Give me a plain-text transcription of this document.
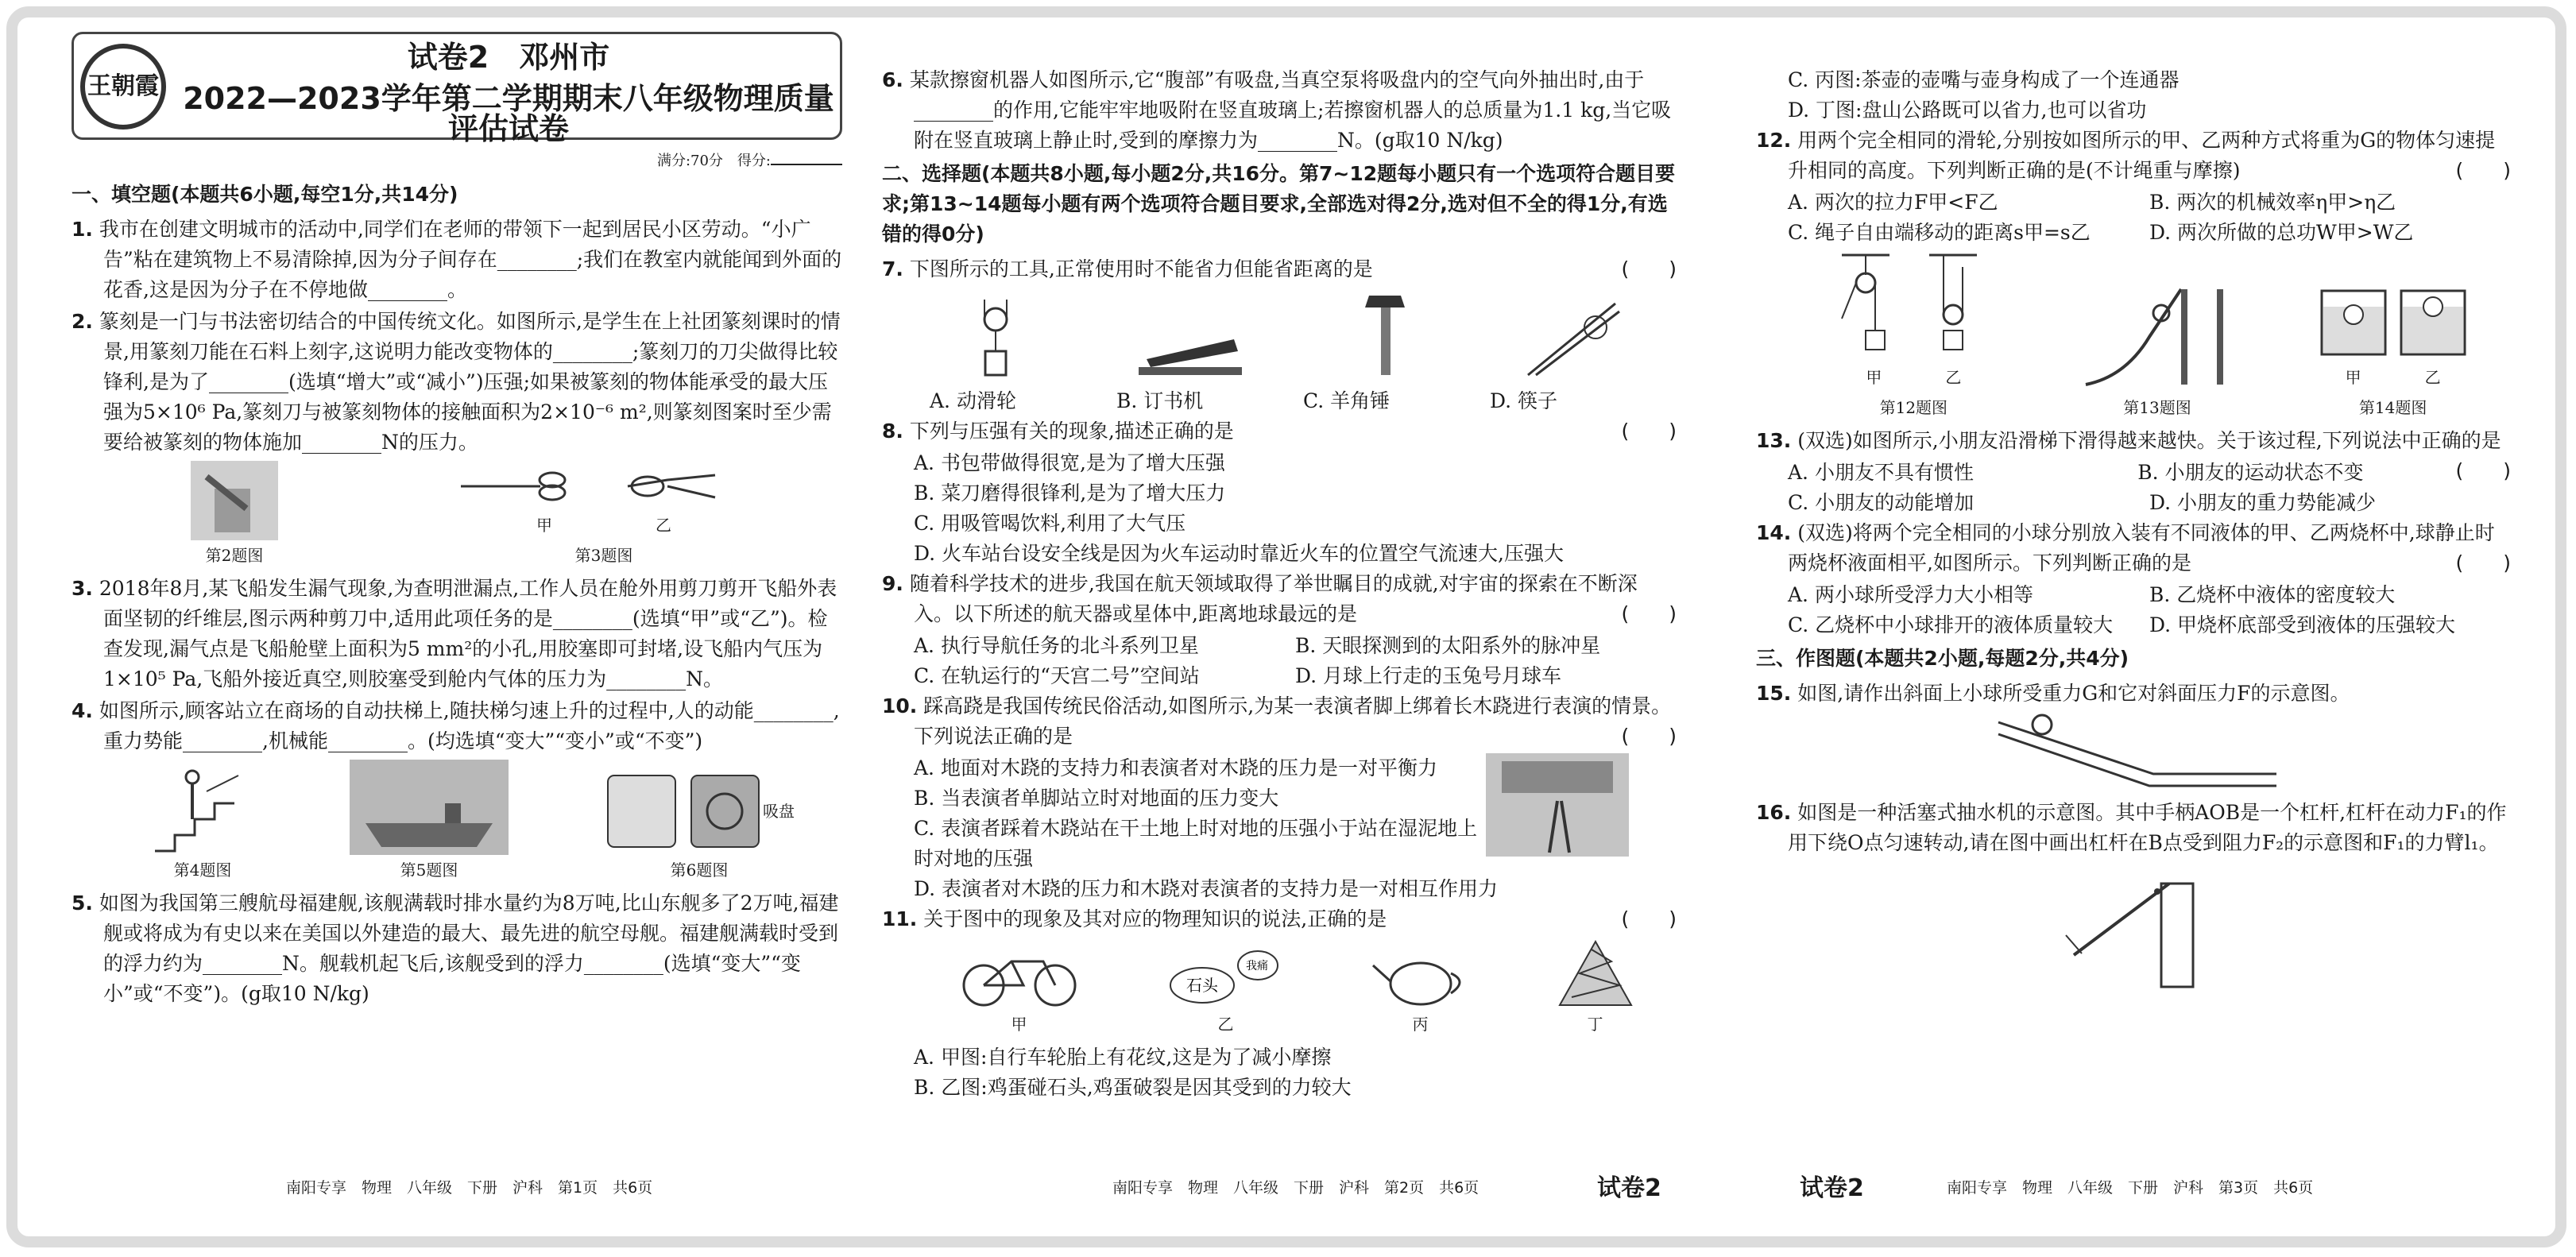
王朝霞
试卷2　邓州市
2022—2023学年第二学期期末八年级物理质量评估试卷
满分:70分　得分:
一、填空题(本题共6小题,每空1分,共14分)

1. 我市在创建文明城市的活动中,同学们在老师的带领下一起到居民小区劳动。“小广告”粘在建筑物上不易清除掉,因为分子间存在________;我们在教室内就能闻到外面的花香,这是因为分子在不停地做________。

2. 篆刻是一门与书法密切结合的中国传统文化。如图所示,是学生在上社团篆刻课时的情景,用篆刻刀能在石料上刻字,这说明力能改变物体的________;篆刻刀的刀尖做得比较锋利,是为了________(选填“增大”或“减小”)压强;如果被篆刻的物体能承受的最大压强为5×10⁶ Pa,篆刻刀与被篆刻物体的接触面积为2×10⁻⁶ m²,则篆刻图案时至少需要给被篆刻的物体施加________N的压力。

第2题图
甲	乙
第3题图

3. 2018年8月,某飞船发生漏气现象,为查明泄漏点,工作人员在舱外用剪刀剪开飞船外表面坚韧的纤维层,图示两种剪刀中,适用此项任务的是________(选填“甲”或“乙”)。检查发现,漏气点是飞船舱壁上面积为5 mm²的小孔,用胶塞即可封堵,设飞船内气压为1×10⁵ Pa,飞船外接近真空,则胶塞受到舱内气体的压力为________N。

4. 如图所示,顾客站立在商场的自动扶梯上,随扶梯匀速上升的过程中,人的动能________,重力势能________,机械能________。(均选填“变大”“变小”或“不变”)

第4题图	第5题图
吸盘
第6题图

5. 如图为我国第三艘航母福建舰,该舰满载时排水量约为8万吨,比山东舰多了2万吨,福建舰或将成为有史以来在美国以外建造的最大、最先进的航空母舰。福建舰满载时受到的浮力约为________N。舰载机起飞后,该舰受到的浮力________(选填“变大”“变小”或“不变”)。(g取10 N/kg)

南阳专享　物理　八年级　下册　沪科　第1页　共6页

6. 某款擦窗机器人如图所示,它“腹部”有吸盘,当真空泵将吸盘内的空气向外抽出时,由于________的作用,它能牢牢地吸附在竖直玻璃上;若擦窗机器人的总质量为1.1 kg,当它吸附在竖直玻璃上静止时,受到的摩擦力为________N。(g取10 N/kg)

二、选择题(本题共8小题,每小题2分,共16分。第7~12题每小题只有一个选项符合题目要求;第13~14题每小题有两个选项符合题目要求,全部选对得2分,选对但不全的得1分,有选错的得0分)

7. 下图所示的工具,正常使用时不能省力但能省距离的是	(　　)

A. 动滑轮	B. 订书机	C. 羊角锤	D. 筷子

8. 下列与压强有关的现象,描述正确的是	(　　)

A. 书包带做得很宽,是为了增大压强
B. 菜刀磨得很锋利,是为了增大压力
C. 用吸管喝饮料,利用了大气压
D. 火车站台设安全线是因为火车运动时靠近火车的位置空气流速大,压强大

9. 随着科学技术的进步,我国在航天领域取得了举世瞩目的成就,对宇宙的探索在不断深入。以下所述的航天器或星体中,距离地球最远的是	(　　)

A. 执行导航任务的北斗系列卫星	B. 天眼探测到的太阳系外的脉冲星
C. 在轨运行的“天宫二号”空间站	D. 月球上行走的玉兔号月球车

10. 踩高跷是我国传统民俗活动,如图所示,为某一表演者脚上绑着长木跷进行表演的情景。下列说法正确的是	(　　)

A. 地面对木跷的支持力和表演者对木跷的压力是一对平衡力
B. 当表演者单脚站立时对地面的压力变大
C. 表演者踩着木跷站在干土地上时对地的压强小于站在湿泥地上时对地的压强
D. 表演者对木跷的压力和木跷对表演者的支持力是一对相互作用力

11. 关于图中的现象及其对应的物理知识的说法,正确的是	(　　)

甲
石头
我痛
乙	丙	丁
A. 甲图:自行车轮胎上有花纹,这是为了减小摩擦
B. 乙图:鸡蛋碰石头,鸡蛋破裂是因其受到的力较大
南阳专享　物理　八年级　下册　沪科　第2页　共6页	试卷2
C. 丙图:茶壶的壶嘴与壶身构成了一个连通器
D. 丁图:盘山公路既可以省力,也可以省功

12. 用两个完全相同的滑轮,分别按如图所示的甲、乙两种方式将重为G的物体匀速提升相同的高度。下列判断正确的是(不计绳重与摩擦)	(　　)

A. 两次的拉力F甲<F乙	B. 两次的机械效率η甲>η乙
C. 绳子自由端移动的距离s甲=s乙	D. 两次所做的总功W甲>W乙
甲	乙
第12题图	第13题图
甲	乙
第14题图

13. (双选)如图所示,小朋友沿滑梯下滑得越来越快。关于该过程,下列说法中正确的是
(　　)

A. 小朋友不具有惯性	B. 小朋友的运动状态不变
C. 小朋友的动能增加	D. 小朋友的重力势能减少

14. (双选)将两个完全相同的小球分别放入装有不同液体的甲、乙两烧杯中,球静止时两烧杯液面相平,如图所示。下列判断正确的是	(　　)

A. 两小球所受浮力大小相等	B. 乙烧杯中液体的密度较大
C. 乙烧杯中小球排开的液体质量较大	D. 甲烧杯底部受到液体的压强较大
三、作图题(本题共2小题,每题2分,共4分)

15. 如图,请作出斜面上小球所受重力G和它对斜面压力F的示意图。

16. 如图是一种活塞式抽水机的示意图。其中手柄AOB是一个杠杆,杠杆在动力F₁的作用下绕O点匀速转动,请在图中画出杠杆在B点受到阻力F₂的示意图和F₁的力臂l₁。

试卷2	南阳专享　物理　八年级　下册　沪科　第3页　共6页
